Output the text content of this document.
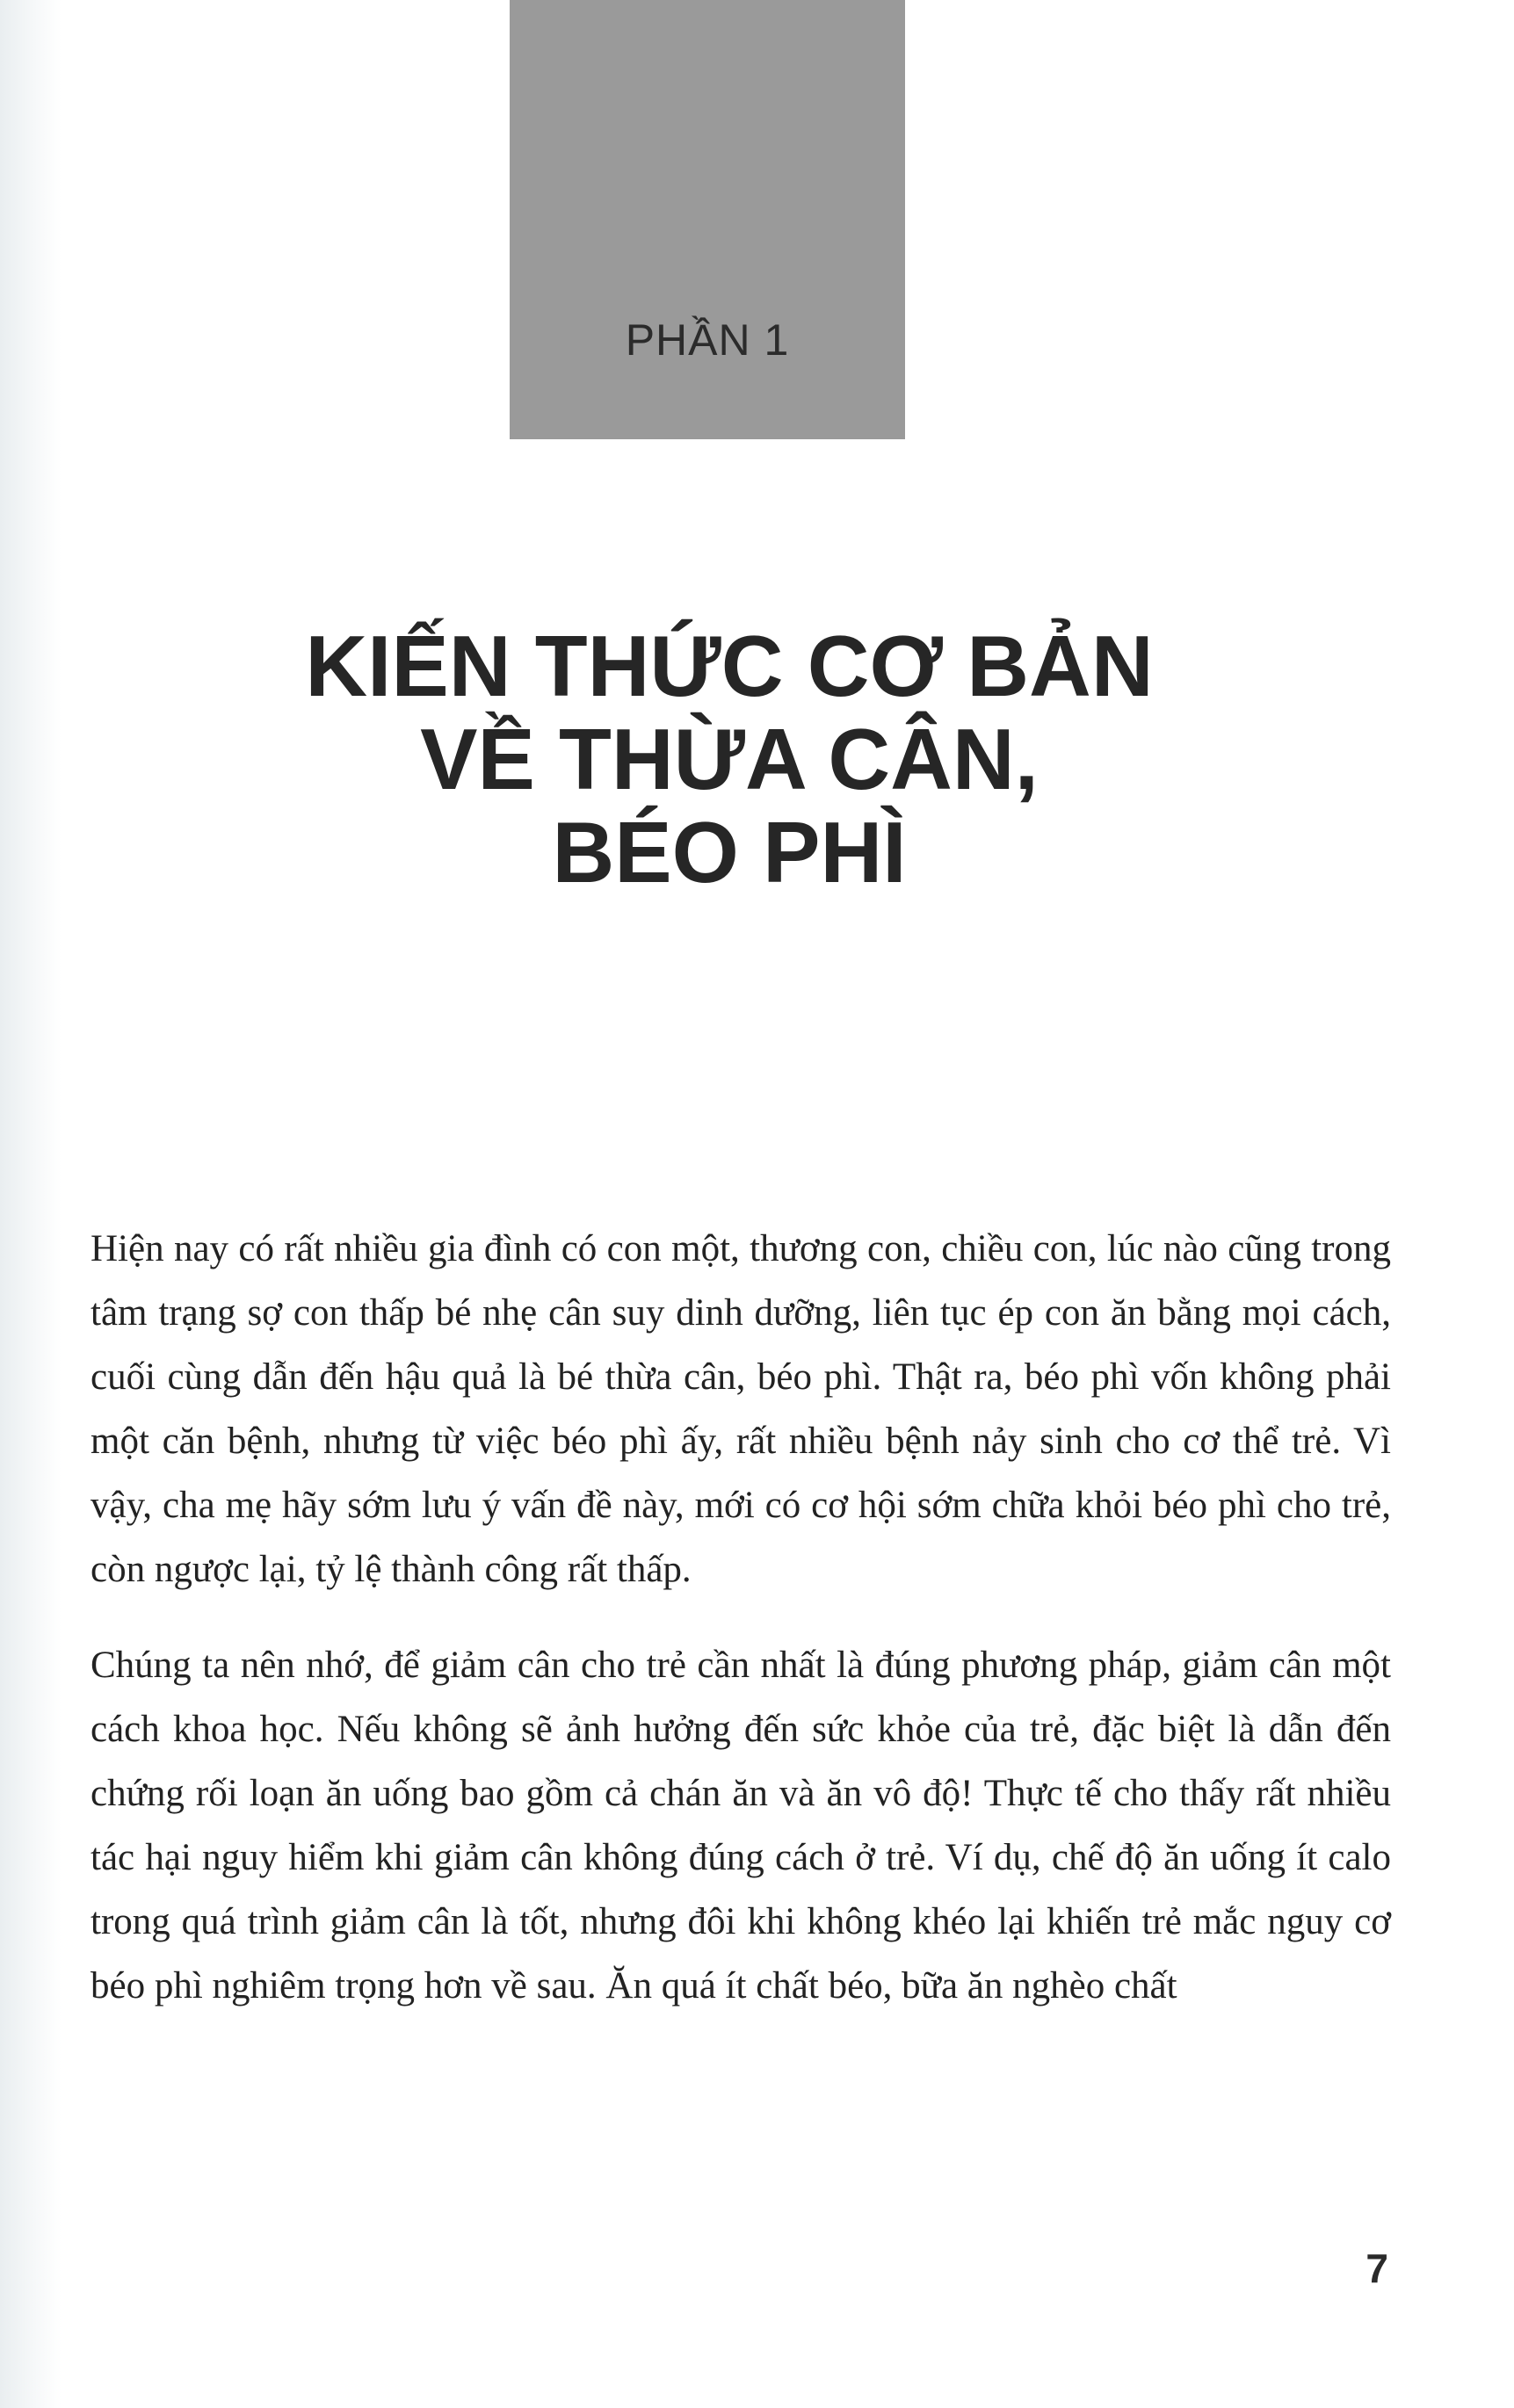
PHẦN 1
KIẾN THỨC CƠ BẢN
VỀ THỪA CÂN,
BÉO PHÌ

Hiện nay có rất nhiều gia đình có con một, thương con, chiều con, lúc nào cũng trong tâm trạng sợ con thấp bé nhẹ cân suy dinh dưỡng, liên tục ép con ăn bằng mọi cách, cuối cùng dẫn đến hậu quả là bé thừa cân, béo phì. Thật ra, béo phì vốn không phải một căn bệnh, nhưng từ việc béo phì ấy, rất nhiều bệnh nảy sinh cho cơ thể trẻ. Vì vậy, cha mẹ hãy sớm lưu ý vấn đề này, mới có cơ hội sớm chữa khỏi béo phì cho trẻ, còn ngược lại, tỷ lệ thành công rất thấp.

Chúng ta nên nhớ, để giảm cân cho trẻ cần nhất là đúng phương pháp, giảm cân một cách khoa học. Nếu không sẽ ảnh hưởng đến sức khỏe của trẻ, đặc biệt là dẫn đến chứng rối loạn ăn uống bao gồm cả chán ăn và ăn vô độ! Thực tế cho thấy rất nhiều tác hại nguy hiểm khi giảm cân không đúng cách ở trẻ. Ví dụ, chế độ ăn uống ít calo trong quá trình giảm cân là tốt, nhưng đôi khi không khéo lại khiến trẻ mắc nguy cơ béo phì nghiêm trọng hơn về sau. Ăn quá ít chất béo, bữa ăn nghèo chất

7
